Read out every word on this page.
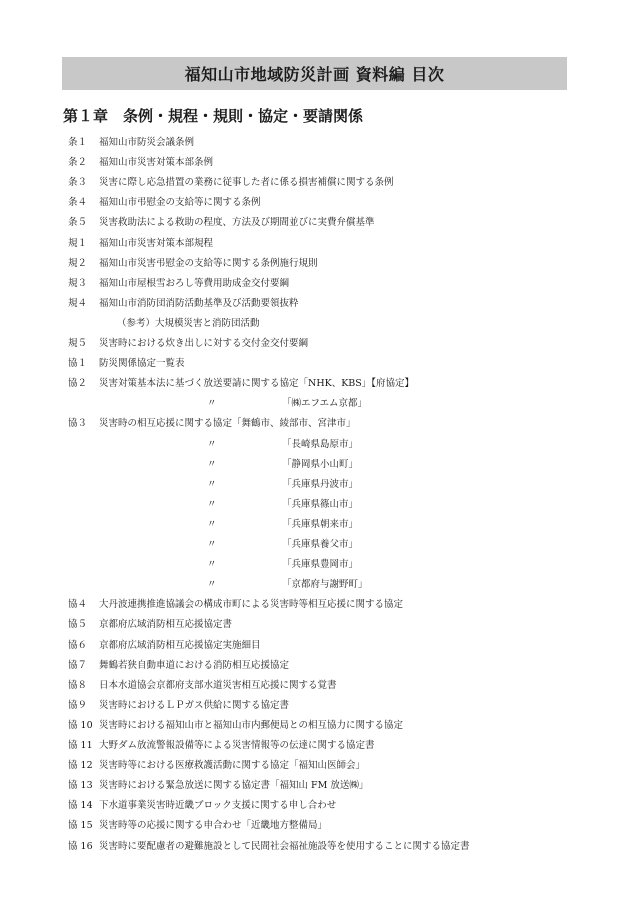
福知山市地域防災計画 資料編 目次
第１章　条例・規程・規則・協定・要請関係
条１ 福知山市防災会議条例
条２ 福知山市災害対策本部条例
条３ 災害に際し応急措置の業務に従事した者に係る損害補償に関する条例
条４ 福知山市弔慰金の支給等に関する条例
条５ 災害救助法による救助の程度、方法及び期間並びに実費弁償基準
規１ 福知山市災害対策本部規程
規２ 福知山市災害弔慰金の支給等に関する条例施行規則
規３ 福知山市屋根雪おろし等費用助成金交付要綱
規４ 福知山市消防団消防活動基準及び活動要領抜粋
（参考）大規模災害と消防団活動
規５ 災害時における炊き出しに対する交付金交付要綱
協１ 防災関係協定一覧表
協２ 災害対策基本法に基づく放送要請に関する協定「NHK、KBS」【府協定】
〃	「㈱エフエム京都」
協３ 災害時の相互応援に関する協定「舞鶴市、綾部市、宮津市」
〃	「長崎県島原市」
〃	「静岡県小山町」
〃	「兵庫県丹波市」
〃	「兵庫県篠山市」
〃	「兵庫県朝来市」
〃	「兵庫県養父市」
〃	「兵庫県豊岡市」
〃	「京都府与謝野町」
協４ 大丹波連携推進協議会の構成市町による災害時等相互応援に関する協定
協５ 京都府広域消防相互応援協定書
協６ 京都府広域消防相互応援協定実施細目
協７ 舞鶴若狭自動車道における消防相互応援協定
協８ 日本水道協会京都府支部水道災害相互応援に関する覚書
協９ 災害時におけるＬＰガス供給に関する協定書
協 10 災害時における福知山市と福知山市内郵便局との相互協力に関する協定
協 11 大野ダム放流警報設備等による災害情報等の伝達に関する協定書
協 12 災害時等における医療救護活動に関する協定「福知山医師会」
協 13 災害時における緊急放送に関する協定書「福知山 FM 放送㈱」
協 14 下水道事業災害時近畿ブロック支援に関する申し合わせ
協 15 災害時等の応援に関する申合わせ「近畿地方整備局」
協 16 災害時に要配慮者の避難施設として民間社会福祉施設等を使用することに関する協定書
